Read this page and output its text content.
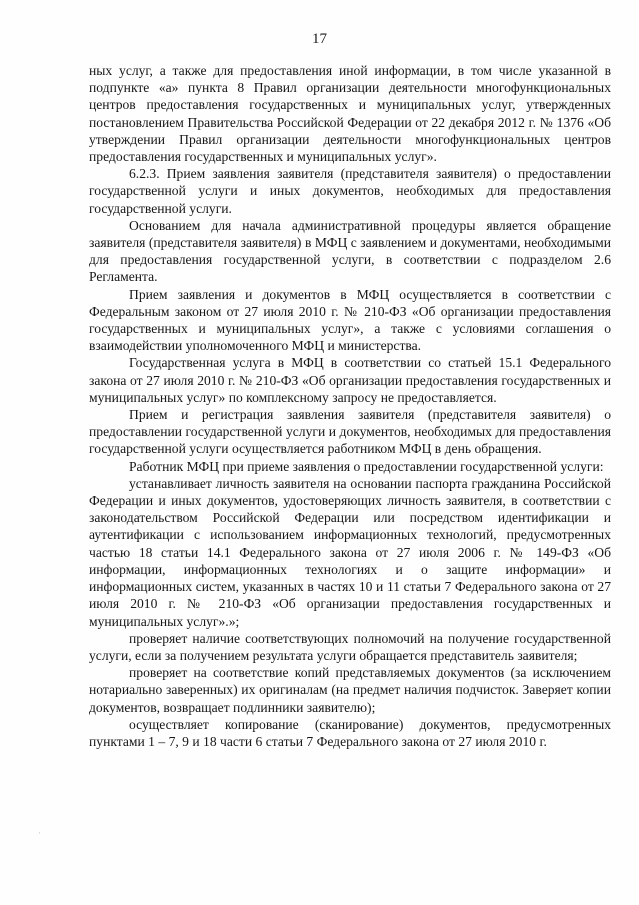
17

ных услуг, а также для предоставления иной информации, в том числе указанной в подпункте «а» пункта 8 Правил организации деятельности многофункциональных центров предоставления государственных и муниципальных услуг, утвержденных постановлением Правительства Российской Федерации от 22 декабря 2012 г. № 1376 «Об утверждении Правил организации деятельности многофункциональных центров предоставления государственных и муниципальных услуг».

6.2.3. Прием заявления заявителя (представителя заявителя) о предоставлении государственной услуги и иных документов, необходимых для предоставления государственной услуги.

Основанием для начала административной процедуры является обращение заявителя (представителя заявителя) в МФЦ с заявлением и документами, необходимыми для предоставления государственной услуги, в соответствии с подразделом 2.6 Регламента.

Прием заявления и документов в МФЦ осуществляется в соответствии с Федеральным законом от 27 июля 2010 г. № 210-ФЗ «Об организации предоставления государственных и муниципальных услуг», а также с условиями соглашения о взаимодействии уполномоченного МФЦ и министерства.

Государственная услуга в МФЦ в соответствии со статьей 15.1 Федерального закона от 27 июля 2010 г. № 210-ФЗ «Об организации предоставления государственных и муниципальных услуг» по комплексному запросу не предоставляется.

Прием и регистрация заявления заявителя (представителя заявителя) о предоставлении государственной услуги и документов, необходимых для предоставления государственной услуги осуществляется работником МФЦ в день обращения.

Работник МФЦ при приеме заявления о предоставлении государственной услуги:

устанавливает личность заявителя на основании паспорта гражданина Российской Федерации и иных документов, удостоверяющих личность заявителя, в соответствии с законодательством Российской Федерации или посредством идентификации и аутентификации с использованием информационных технологий, предусмотренных частью 18 статьи 14.1 Федерального закона от 27 июля 2006 г. № 149-ФЗ «Об информации, информационных технологиях и о защите информации» и информационных систем, указанных в частях 10 и 11 статьи 7 Федерального закона от 27 июля 2010 г. № 210-ФЗ «Об организации предоставления государственных и муниципальных услуг».»;

проверяет наличие соответствующих полномочий на получение государственной услуги, если за получением результата услуги обращается представитель заявителя;

проверяет на соответствие копий представляемых документов (за исключением нотариально заверенных) их оригиналам (на предмет наличия подчисток. Заверяет копии документов, возвращает подлинники заявителю);

осуществляет копирование (сканирование) документов, предусмотренных пунктами 1 – 7, 9 и 18 части 6 статьи 7 Федерального закона от 27 июля 2010 г.

·
